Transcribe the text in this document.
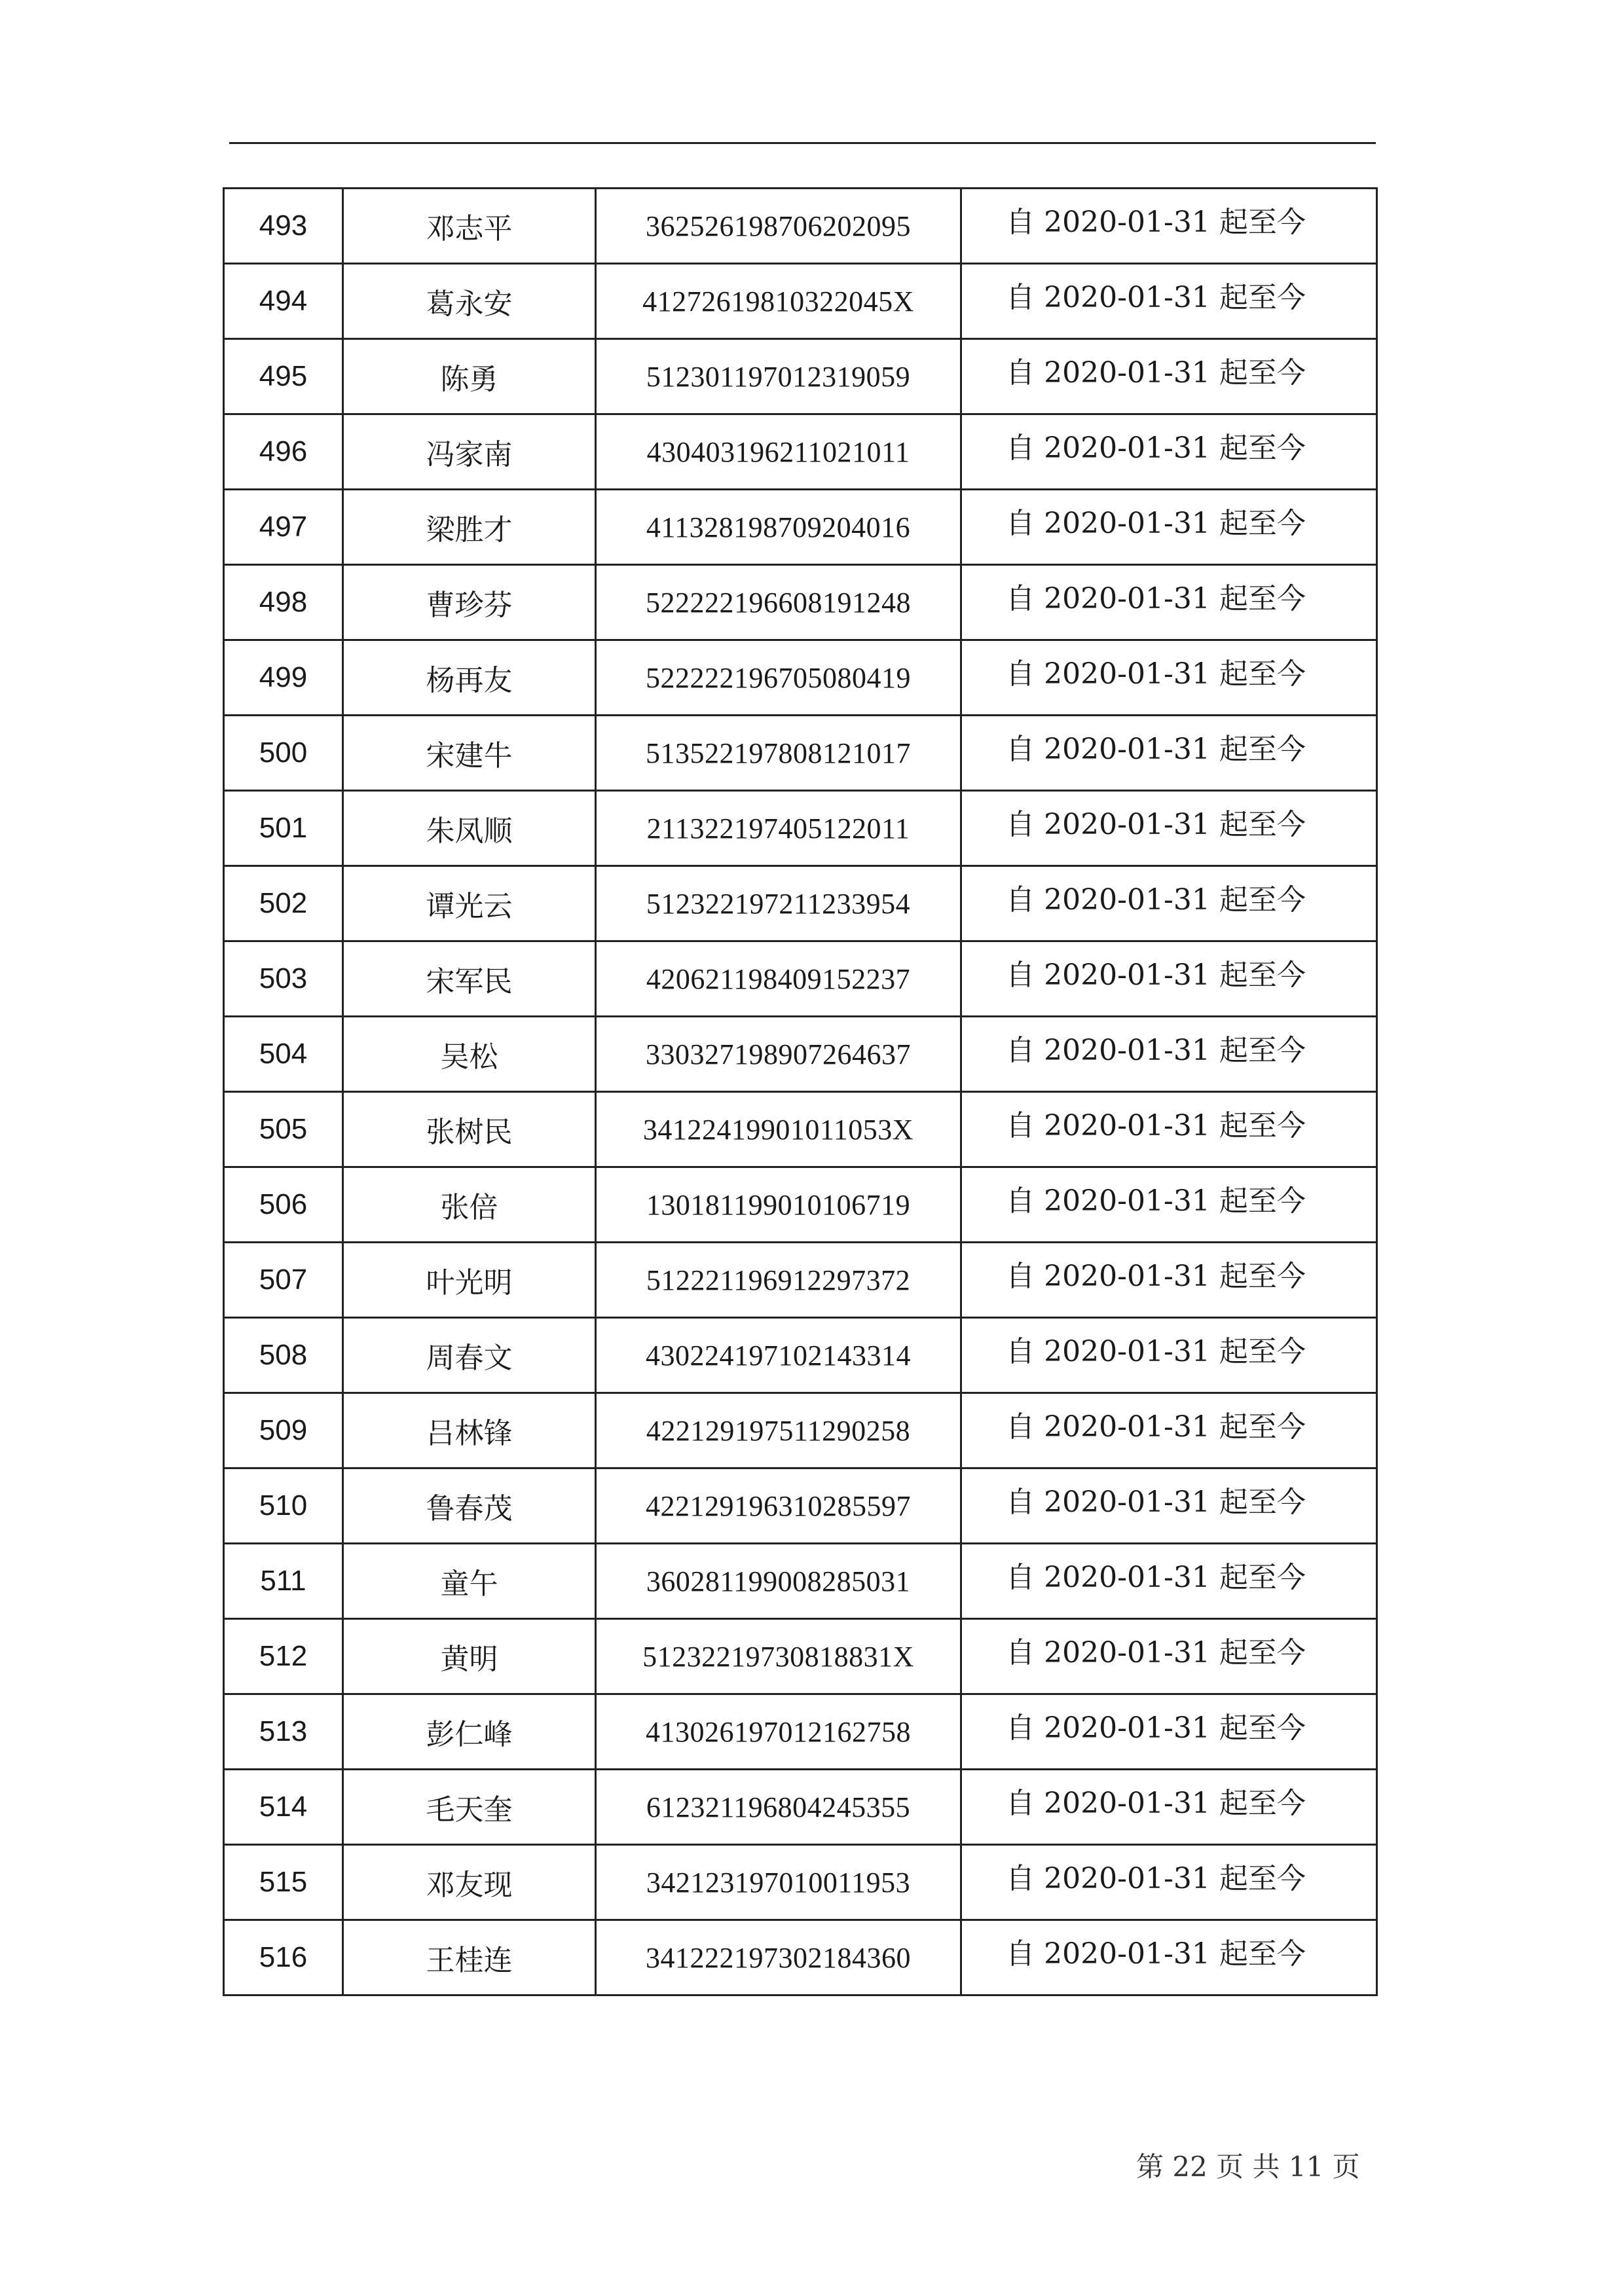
493	邓志平	362526198706202095	自 2020-01-31 起至今
494	葛永安	41272619810322045X	自 2020-01-31 起至今
495	陈勇	512301197012319059	自 2020-01-31 起至今
496	冯家南	430403196211021011	自 2020-01-31 起至今
497	梁胜才	411328198709204016	自 2020-01-31 起至今
498	曹珍芬	522222196608191248	自 2020-01-31 起至今
499	杨再友	522222196705080419	自 2020-01-31 起至今
500	宋建牛	513522197808121017	自 2020-01-31 起至今
501	朱凤顺	211322197405122011	自 2020-01-31 起至今
502	谭光云	512322197211233954	自 2020-01-31 起至今
503	宋军民	420621198409152237	自 2020-01-31 起至今
504	吴松	330327198907264637	自 2020-01-31 起至今
505	张树民	34122419901011053X	自 2020-01-31 起至今
506	张倍	130181199010106719	自 2020-01-31 起至今
507	叶光明	512221196912297372	自 2020-01-31 起至今
508	周春文	430224197102143314	自 2020-01-31 起至今
509	吕林锋	422129197511290258	自 2020-01-31 起至今
510	鲁春茂	422129196310285597	自 2020-01-31 起至今
511	童午	360281199008285031	自 2020-01-31 起至今
512	黄明	51232219730818831X	自 2020-01-31 起至今
513	彭仁峰	413026197012162758	自 2020-01-31 起至今
514	毛天奎	612321196804245355	自 2020-01-31 起至今
515	邓友现	342123197010011953	自 2020-01-31 起至今
516	王桂连	341222197302184360	自 2020-01-31 起至今
第 22 页 共 11 页
